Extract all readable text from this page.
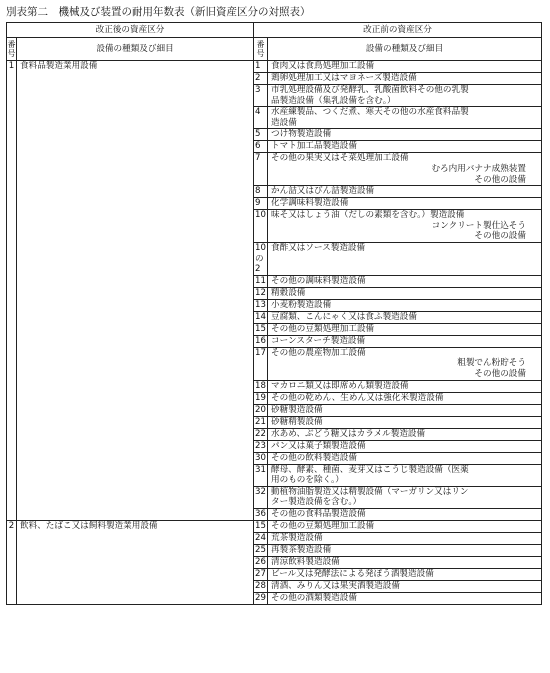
別表第二　機械及び装置の耐用年数表（新旧資産区分の対照表）
改正後の資産区分		改正前の資産区分	
番号	設備の種類及び細目	番号	設備の種類及び細目
1	食料品製造業用設備	1	食肉又は食鳥処理加工設備

		2	鶏卵処理加工又はマヨネーズ製造設備

		3	市乳処理設備及び発酵乳、乳酸菌飲料その他の乳製
品製造設備（集乳設備を含む。）

		4	水産練製品、つくだ煮、寒天その他の水産食料品製
造設備

		5	つけ物製造設備

		6	トマト加工品製造設備

		7	その他の果実又はそ菜処理加工設備
むろ内用バナナ成熟装置
その他の設備

		8	かん詰又はびん詰製造設備

		9	化学調味料製造設備

		10	味そ又はしょう油（だしの素類を含む。）製造設備
コンクリート製仕込そう
その他の設備

		10の2	食酢又はソース製造設備

		11	その他の調味料製造設備

		12	精穀設備

		13	小麦粉製造設備

		14	豆腐類、こんにゃく又は食ふ製造設備

		15	その他の豆類処理加工設備

		16	コーンスターチ製造設備

		17	その他の農産物加工設備
粗製でん粉貯そう
その他の設備

		18	マカロニ類又は即席めん類製造設備

		19	その他の乾めん、生めん又は強化米製造設備

		20	砂糖製造設備

		21	砂糖精製設備

		22	水あめ、ぶどう糖又はカラメル製造設備

		23	パン又は菓子類製造設備

		30	その他の飲料製造設備

		31	酵母、酵素、種菌、麦芽又はこうじ製造設備（医薬
用のものを除く。）

		32	動植物油脂製造又は精製設備（マーガリン又はリン
ター製造設備を含む。）

		36	その他の食料品製造設備

2	飲料、たばこ又は飼料製造業用設備	15	その他の豆類処理加工設備

		24	荒茶製造設備

		25	再製茶製造設備

		26	清涼飲料製造設備

		27	ビール又は発酵法による発ぽう酒製造設備

		28	清酒、みりん又は果実酒製造設備

		29	その他の酒類製造設備
